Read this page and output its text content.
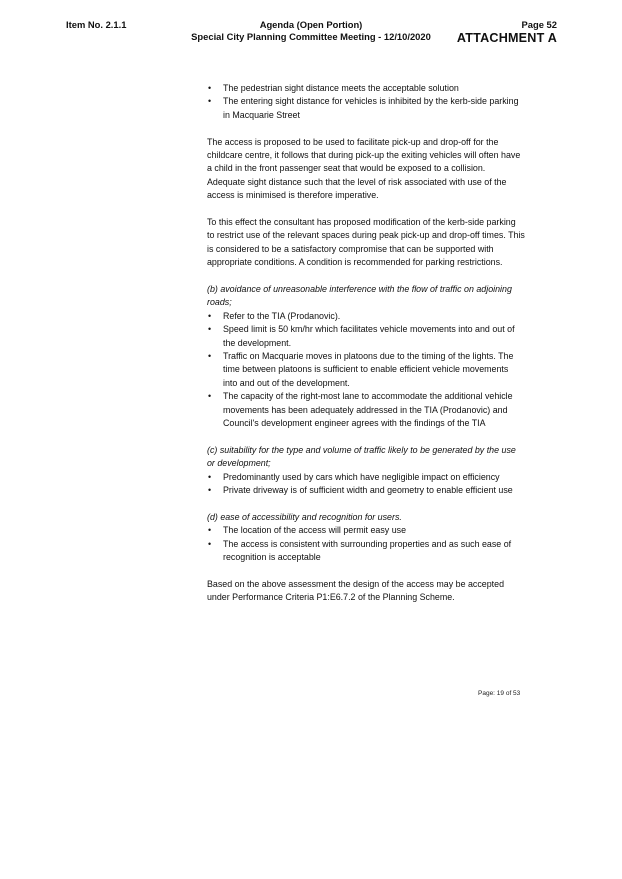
Item No. 2.1.1	Agenda (Open Portion)
Special City Planning Committee Meeting - 12/10/2020
Page 52
ATTACHMENT A
• The pedestrian sight distance meets the acceptable solution
• The entering sight distance for vehicles is inhibited by the kerb-side parking in Macquarie Street

The access is proposed to be used to facilitate pick-up and drop-off for the childcare centre, it follows that during pick-up the exiting vehicles will often have a child in the front passenger seat that would be exposed to a collision. Adequate sight distance such that the level of risk associated with use of the access is minimised is therefore imperative.

To this effect the consultant has proposed modification of the kerb-side parking to restrict use of the relevant spaces during peak pick-up and drop-off times. This is considered to be a satisfactory compromise that can be supported with appropriate conditions. A condition is recommended for parking restrictions.

(b) avoidance of unreasonable interference with the flow of traffic on adjoining roads;

• Refer to the TIA (Prodanovic).
• Speed limit is 50 km/hr which facilitates vehicle movements into and out of the development.
• Traffic on Macquarie moves in platoons due to the timing of the lights. The time between platoons is sufficient to enable efficient vehicle movements into and out of the development.
• The capacity of the right-most lane to accommodate the additional vehicle movements has been adequately addressed in the TIA (Prodanovic) and Council's development engineer agrees with the findings of the TIA

(c) suitability for the type and volume of traffic likely to be generated by the use or development;

• Predominantly used by cars which have negligible impact on efficiency
• Private driveway is of sufficient width and geometry to enable efficient use

(d) ease of accessibility and recognition for users.

• The location of the access will permit easy use
• The access is consistent with surrounding properties and as such ease of recognition is acceptable

Based on the above assessment the design of the access may be accepted under Performance Criteria P1:E6.7.2 of the Planning Scheme.

Page: 19 of 53
